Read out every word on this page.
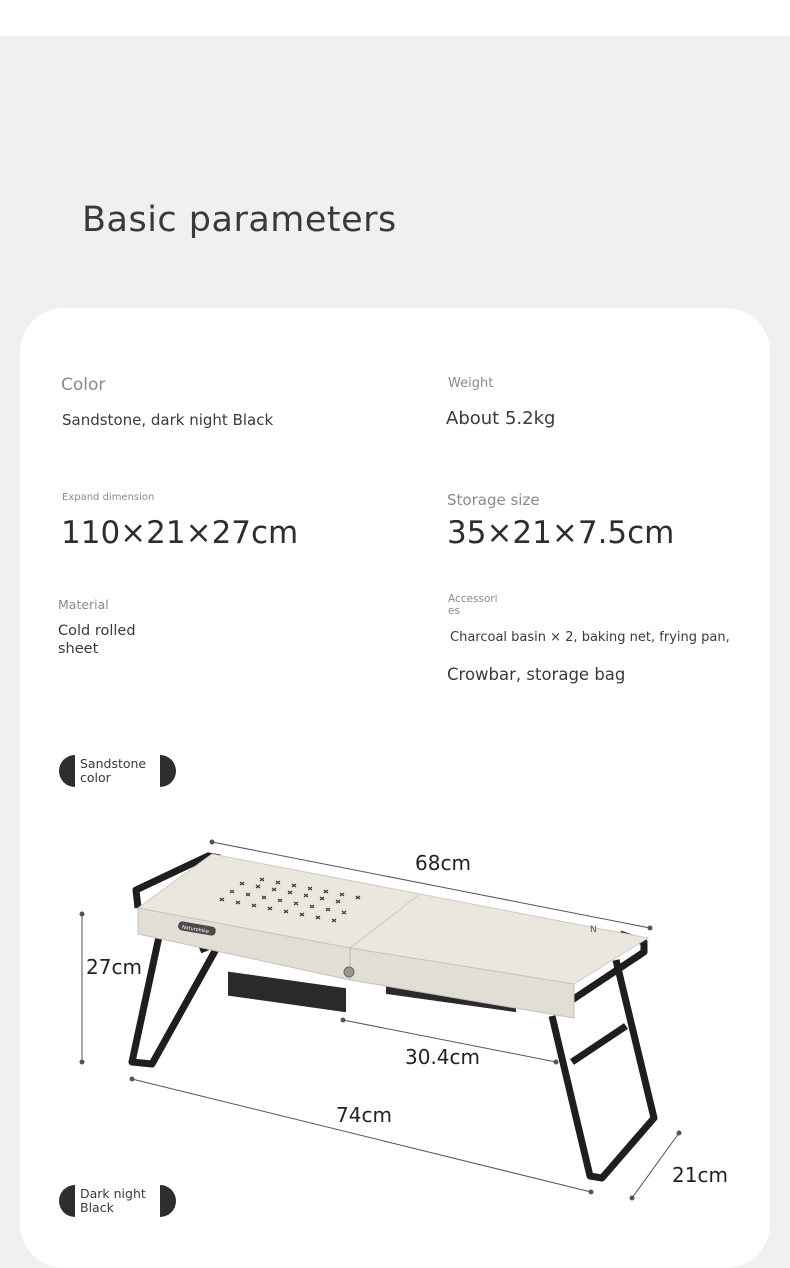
Basic parameters
Color
Sandstone, dark night Black
Weight
About 5.2kg
Expand dimension
110×21×27cm
Storage size
35×21×7.5cm
Material
Cold rolled
sheet
Accessori
es
Charcoal basin × 2, baking net, frying pan,
Crowbar, storage bag
Sandstone
color
Dark night
Black
Naturehike	N
68cm
27cm
30.4cm
74cm
21cm
